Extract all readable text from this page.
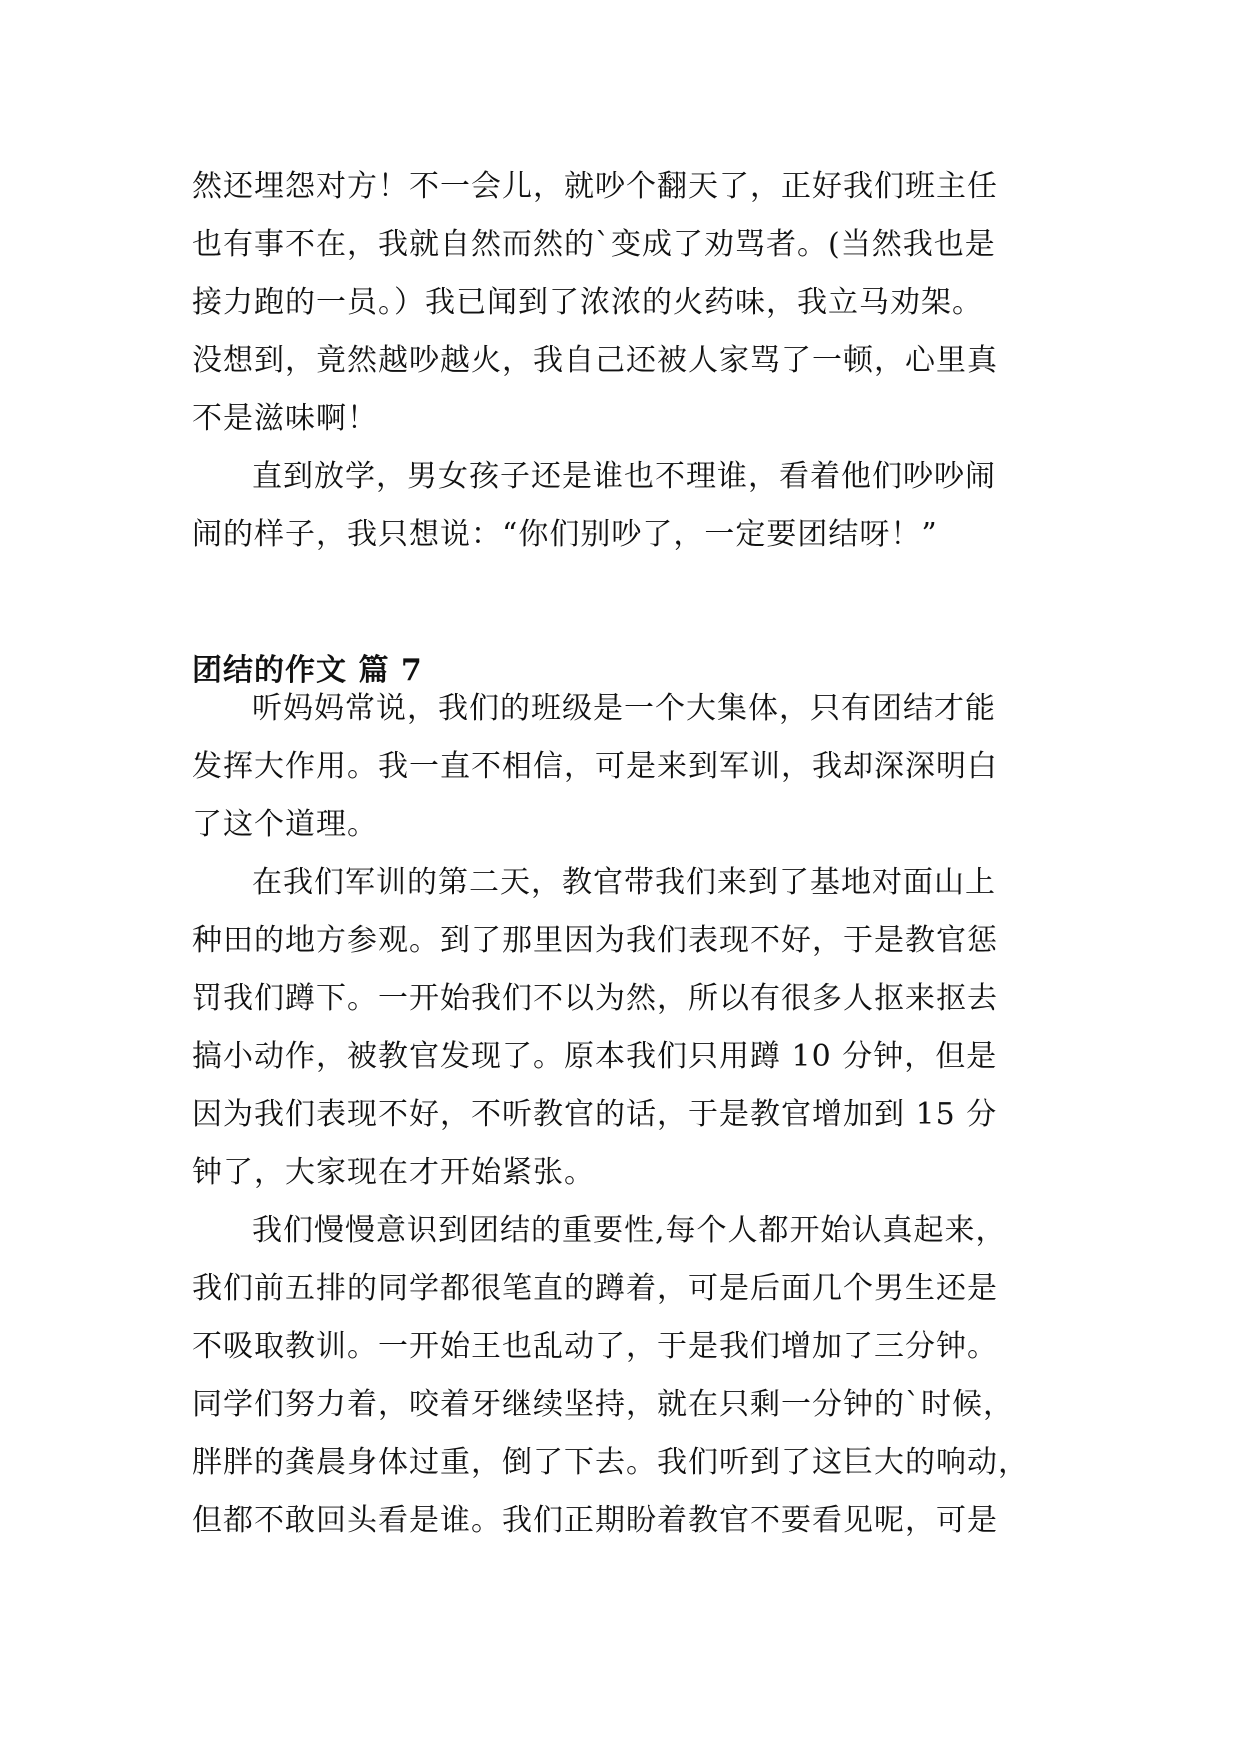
然还埋怨对方！不一会儿，就吵个翻天了，正好我们班主任
也有事不在，我就自然而然的`变成了劝骂者。(当然我也是
接力跑的一员。）我已闻到了浓浓的火药味，我立马劝架。
没想到，竟然越吵越火，我自己还被人家骂了一顿，心里真
不是滋味啊！
直到放学，男女孩子还是谁也不理谁，看着他们吵吵闹
闹的样子，我只想说：“你们别吵了，一定要团结呀！”
团结的作文 篇 7
听妈妈常说，我们的班级是一个大集体，只有团结才能
发挥大作用。我一直不相信，可是来到军训，我却深深明白
了这个道理。
在我们军训的第二天，教官带我们来到了基地对面山上
种田的地方参观。到了那里因为我们表现不好，于是教官惩
罚我们蹲下。一开始我们不以为然，所以有很多人抠来抠去
搞小动作，被教官发现了。原本我们只用蹲 10 分钟，但是
因为我们表现不好，不听教官的话，于是教官增加到 15 分
钟了，大家现在才开始紧张。
我们慢慢意识到团结的重要性,每个人都开始认真起来，
我们前五排的同学都很笔直的蹲着，可是后面几个男生还是
不吸取教训。一开始王也乱动了，于是我们增加了三分钟。
同学们努力着，咬着牙继续坚持，就在只剩一分钟的`时候，
胖胖的龚晨身体过重，倒了下去。我们听到了这巨大的响动，
但都不敢回头看是谁。我们正期盼着教官不要看见呢，可是
